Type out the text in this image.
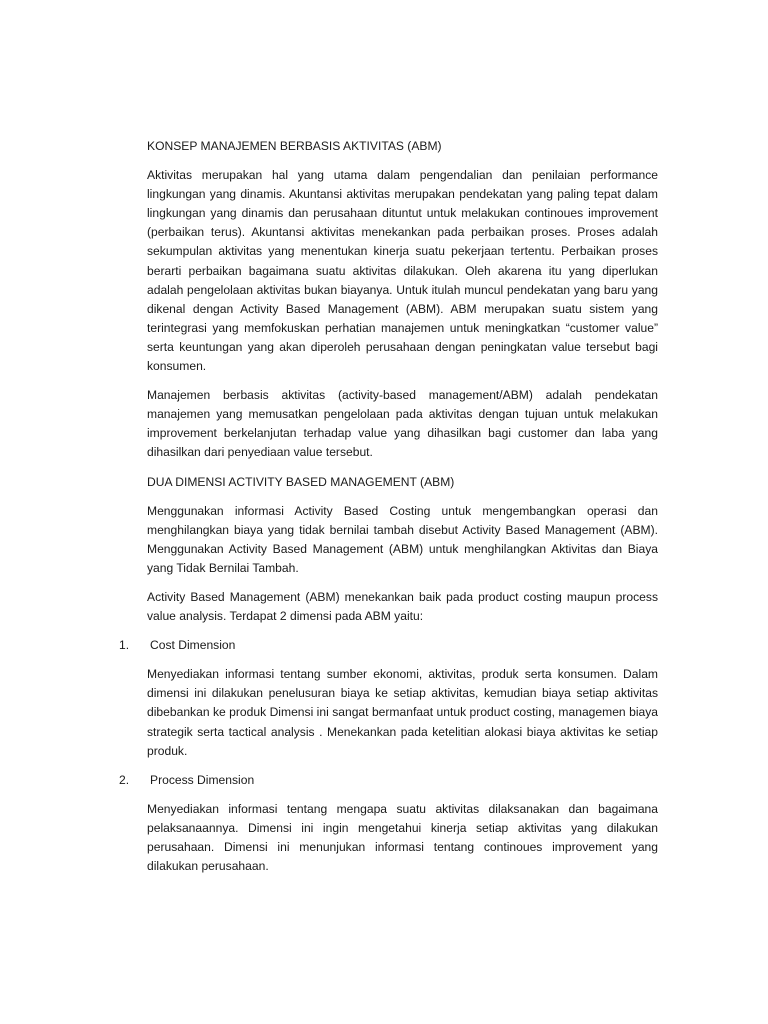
KONSEP MANAJEMEN BERBASIS AKTIVITAS (ABM)

Aktivitas merupakan hal yang utama dalam pengendalian dan penilaian performance lingkungan yang dinamis. Akuntansi aktivitas merupakan pendekatan yang paling tepat dalam lingkungan yang dinamis dan perusahaan dituntut untuk melakukan continoues improvement (perbaikan terus). Akuntansi aktivitas menekankan pada perbaikan proses. Proses adalah sekumpulan aktivitas yang menentukan kinerja suatu pekerjaan tertentu. Perbaikan proses berarti perbaikan bagaimana suatu aktivitas dilakukan. Oleh akarena itu yang diperlukan adalah pengelolaan aktivitas bukan biayanya. Untuk itulah muncul pendekatan yang baru yang dikenal dengan Activity Based Management (ABM). ABM merupakan suatu sistem yang terintegrasi yang memfokuskan perhatian manajemen untuk meningkatkan “customer value” serta keuntungan yang akan diperoleh perusahaan dengan peningkatan value tersebut bagi konsumen.

Manajemen berbasis aktivitas (activity-based management/ABM) adalah pendekatan manajemen yang memusatkan pengelolaan pada aktivitas dengan tujuan untuk melakukan improvement berkelanjutan terhadap value yang dihasilkan bagi customer dan laba yang dihasilkan dari penyediaan value tersebut.

DUA DIMENSI ACTIVITY BASED MANAGEMENT (ABM)

Menggunakan informasi Activity Based Costing untuk mengembangkan operasi dan menghilangkan biaya yang tidak bernilai tambah disebut Activity Based Management (ABM). Menggunakan Activity Based Management (ABM) untuk menghilangkan Aktivitas dan Biaya yang Tidak Bernilai Tambah.

Activity Based Management (ABM) menekankan baik pada product costing maupun process value analysis. Terdapat 2 dimensi pada ABM yaitu:

1. Cost Dimension

Menyediakan informasi tentang sumber ekonomi, aktivitas, produk serta konsumen. Dalam dimensi ini dilakukan penelusuran biaya ke setiap aktivitas, kemudian biaya setiap aktivitas dibebankan ke produk Dimensi ini sangat bermanfaat untuk product costing, managemen biaya strategik serta tactical analysis . Menekankan pada ketelitian alokasi biaya aktivitas ke setiap produk.

2. Process Dimension

Menyediakan informasi tentang mengapa suatu aktivitas dilaksanakan dan bagaimana pelaksanaannya. Dimensi ini ingin mengetahui kinerja setiap aktivitas yang dilakukan perusahaan. Dimensi ini menunjukan informasi tentang continoues improvement yang dilakukan perusahaan.
